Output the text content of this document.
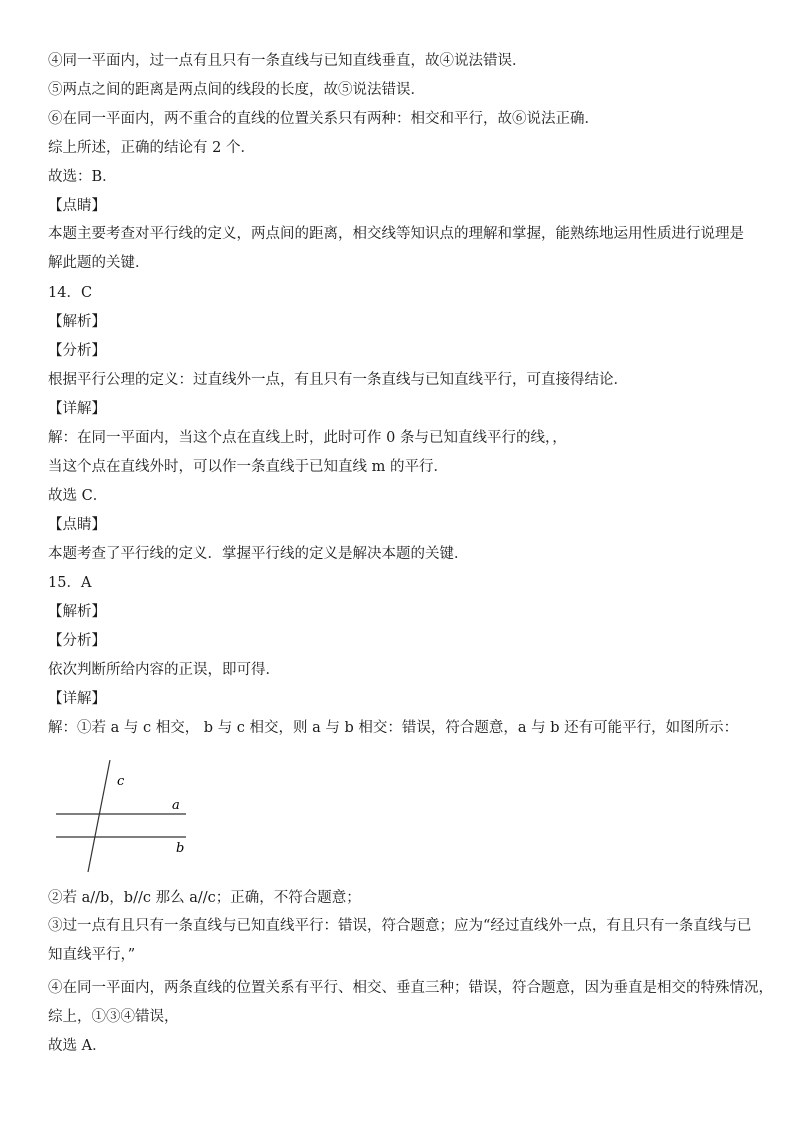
④同一平面内，过一点有且只有一条直线与已知直线垂直，故④说法错误．
⑤两点之间的距离是两点间的线段的长度，故⑤说法错误．
⑥在同一平面内，两不重合的直线的位置关系只有两种：相交和平行，故⑥说法正确．
综上所述，正确的结论有 2 个．
故选：B．
【点睛】
本题主要考查对平行线的定义，两点间的距离，相交线等知识点的理解和掌握，能熟练地运用性质进行说理是解此题的关键．
14．C
【解析】
【分析】
根据平行公理的定义：过直线外一点，有且只有一条直线与已知直线平行，可直接得结论．
【详解】
解：在同一平面内，当这个点在直线上时，此时可作 0 条与已知直线平行的线，，
当这个点在直线外时，可以作一条直线于已知直线 m 的平行．
故选 C．
【点睛】
本题考查了平行线的定义．掌握平行线的定义是解决本题的关键．
15．A
【解析】
【分析】
依次判断所给内容的正误，即可得．
【详解】
解：①若 a 与 c 相交， b 与 c 相交，则 a 与 b 相交：错误，符合题意，a 与 b 还有可能平行，如图所示：
c
a
b
②若 a//b，b//c 那么 a//c；正确，不符合题意；
③过一点有且只有一条直线与已知直线平行：错误，符合题意；应为“经过直线外一点，有且只有一条直线与已知直线平行，”
④在同一平面内，两条直线的位置关系有平行、相交、垂直三种；错误，符合题意，因为垂直是相交的特殊情况，
综上，①③④错误，
故选 A．
